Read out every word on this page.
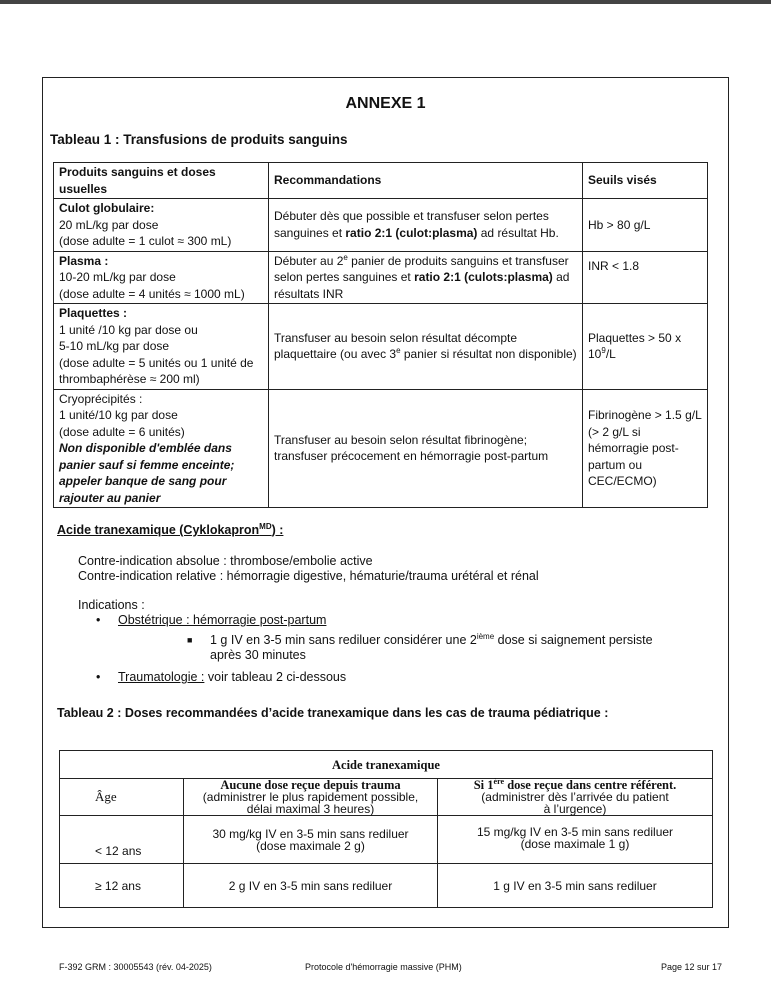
ANNEXE 1
Tableau 1 : Transfusions de produits sanguins
Produits sanguins et doses usuelles	Recommandations	Seuils visés

Culot globulaire:
20 mL/kg par dose
(dose adulte = 1 culot ≈ 300 mL)	Débuter dès que possible et transfuser selon pertes sanguines et ratio 2:1 (culot:plasma) ad résultat Hb.	Hb > 80 g/L

Plasma :
10-20 mL/kg par dose
(dose adulte = 4 unités ≈ 1000 mL)	Débuter au 2e panier de produits sanguins et transfuser selon pertes sanguines et ratio 2:1 (culots:plasma) ad résultats INR	INR < 1.8

Plaquettes :
1 unité /10 kg par dose ou
5-10 mL/kg par dose
(dose adulte = 5 unités ou 1 unité de thrombaphérèse ≈ 200 ml)	Transfuser au besoin selon résultat décompte plaquettaire (ou avec 3e panier si résultat non disponible)	Plaquettes > 50 x $10^9/L$

Cryoprécipités :
1 unité/10 kg par dose
(dose adulte = 6 unités)
Non disponible d'emblée dans panier sauf si femme enceinte; appeler banque de sang pour rajouter au panier	Transfuser au besoin selon résultat fibrinogène; transfuser précocement en hémorragie post-partum	Fibrinogène > 1.5 g/L (> 2 g/L si hémorragie post-partum ou CEC/ECMO)
Acide tranexamique (Cyklokapron$^{MD}$) :
Contre-indication absolue : thrombose/embolie active
Contre-indication relative : hémorragie digestive, hématurie/trauma urétéral et rénal
Indications :
• Obstétrique : hémorragie post-partum
■ 1 g IV en 3-5 min sans rediluer considérer une 2ième dose si saignement persiste après 30 minutes
• Traumatologie : voir tableau 2 ci-dessous
Tableau 2 : Doses recommandées d’acide tranexamique dans les cas de trauma pédiatrique :
Acide tranexamique		
Âge	Aucune dose reçue depuis trauma
(administrer le plus rapidement possible,
délai maximal 3 heures)	Si 1ère dose reçue dans centre référent.
(administrer dès l’arrivée du patient
à l’urgence)

< 12 ans	30 mg/kg IV en 3-5 min sans rediluer
(dose maximale 2 g)	15 mg/kg IV en 3-5 min sans rediluer
(dose maximale 1 g)

≥ 12 ans	2 g IV en 3-5 min sans rediluer	1 g IV en 3-5 min sans rediluer
F-392 GRM : 30005543 (rév. 04-2025)	Protocole d'hémorragie massive (PHM)	Page 12 sur 17
